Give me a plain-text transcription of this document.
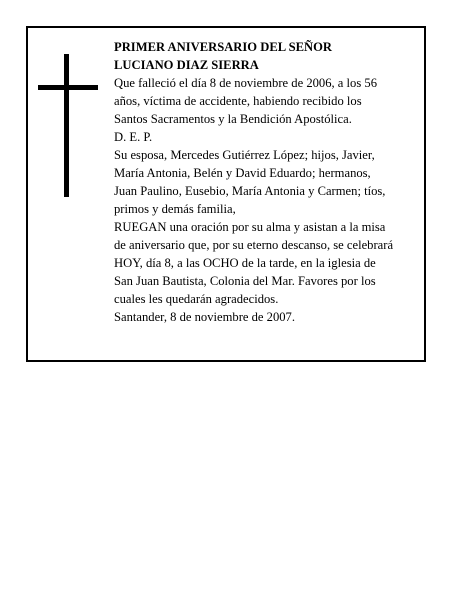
PRIMER ANIVERSARIO DEL SEÑOR
LUCIANO DIAZ SIERRA
Que falleció el día 8 de noviembre de 2006, a los 56
años, víctima de accidente, habiendo recibido los
Santos Sacramentos y la Bendición Apostólica.
D. E. P.
Su esposa, Mercedes Gutiérrez López; hijos, Javier,
María Antonia, Belén y David Eduardo; hermanos,
Juan Paulino, Eusebio, María Antonia y Carmen; tíos,
primos y demás familia,
RUEGAN una oración por su alma y asistan a la misa
de aniversario que, por su eterno descanso, se celebrará
HOY, día 8, a las OCHO de la tarde, en la iglesia de
San Juan Bautista, Colonia del Mar. Favores por los
cuales les quedarán agradecidos.
Santander, 8 de noviembre de 2007.
